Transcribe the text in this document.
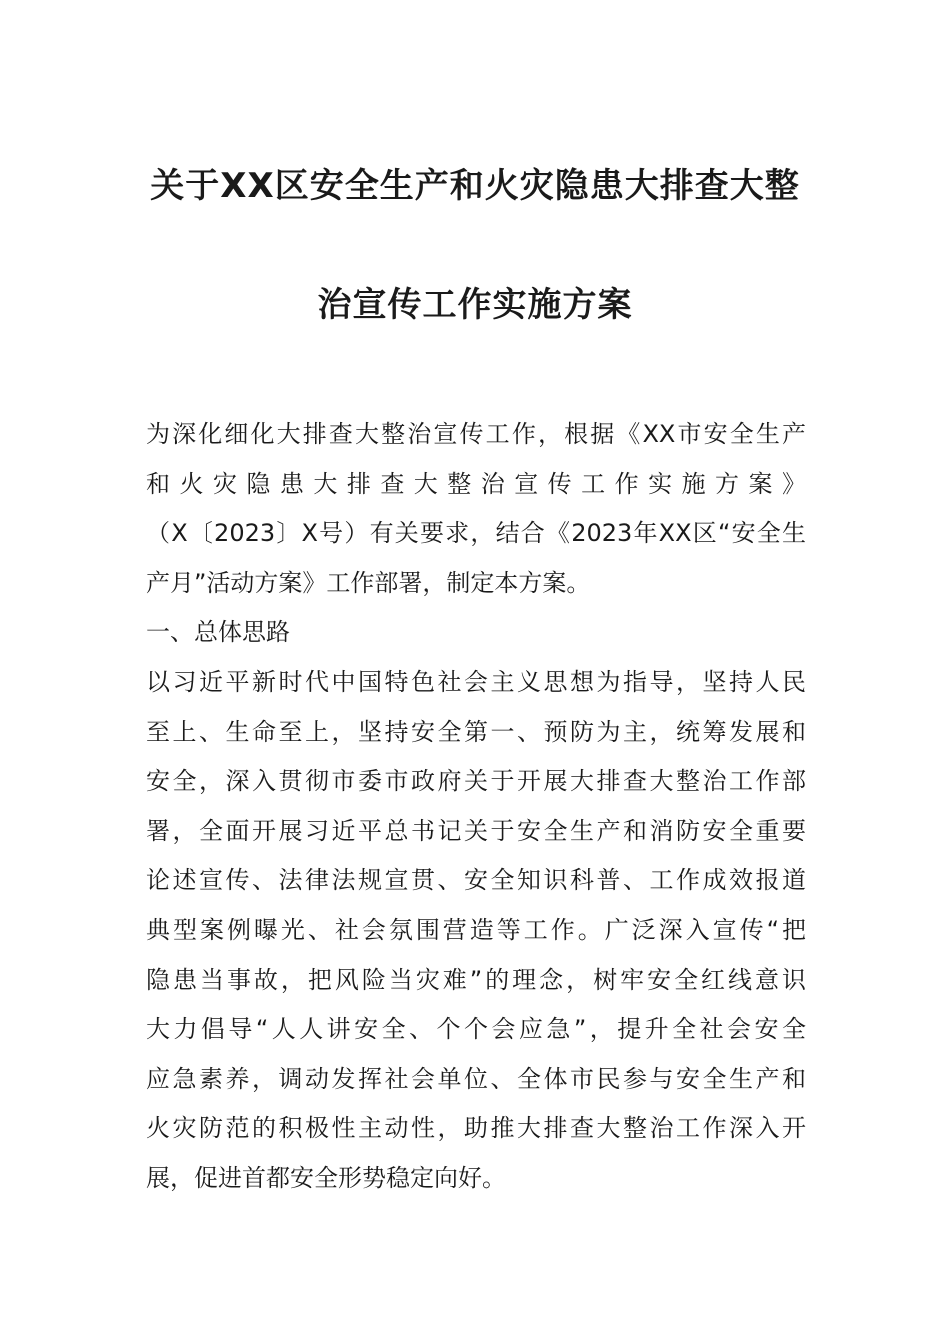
关于XX区安全生产和火灾隐患大排查大整
治宣传工作实施方案
为深化细化大排查大整治宣传工作，根据《XX市安全生产
和火灾隐患大排查大整治宣传工作实施方案》
（X〔2023〕X号）有关要求，结合《2023年XX区“安全生
产月”活动方案》工作部署，制定本方案。
一、总体思路
以习近平新时代中国特色社会主义思想为指导，坚持人民
至上、生命至上，坚持安全第一、预防为主，统筹发展和
安全，深入贯彻市委市政府关于开展大排查大整治工作部
署，全面开展习近平总书记关于安全生产和消防安全重要
论述宣传、法律法规宣贯、安全知识科普、工作成效报道
典型案例曝光、社会氛围营造等工作。广泛深入宣传“把
隐患当事故，把风险当灾难”的理念，树牢安全红线意识
大力倡导“人人讲安全、个个会应急”，提升全社会安全
应急素养，调动发挥社会单位、全体市民参与安全生产和
火灾防范的积极性主动性，助推大排查大整治工作深入开
展，促进首都安全形势稳定向好。
